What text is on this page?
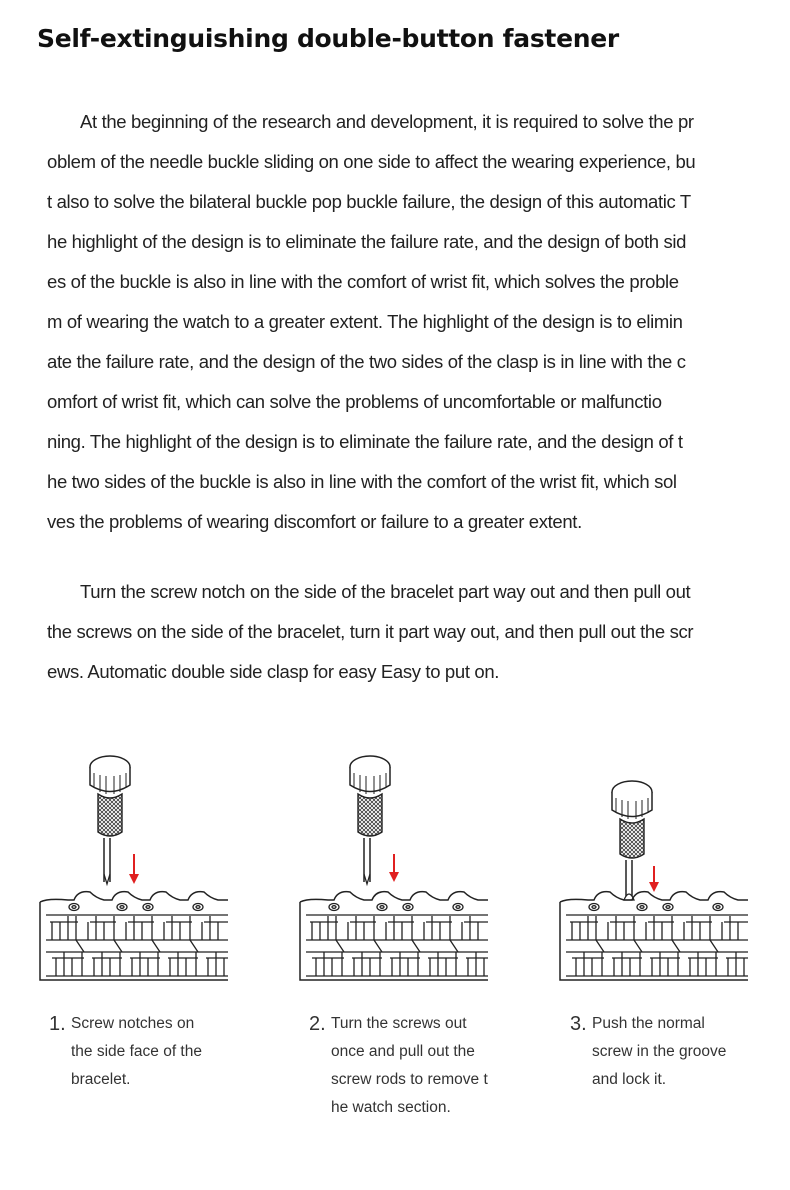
Self-extinguishing double-button fastener
At the beginning of the research and development, it is required to solve the pr
oblem of the needle buckle sliding on one side to affect the wearing experience, bu
t also to solve the bilateral buckle pop buckle failure, the design of this automatic T
he highlight of the design is to eliminate the failure rate, and the design of both sid
es of the buckle is also in line with the comfort of wrist fit, which solves the proble
m of wearing the watch to a greater extent. The highlight of the design is to elimin
ate the failure rate, and the design of the two sides of the clasp is in line with the c
omfort of wrist fit, which can solve the problems of uncomfortable or malfunctio
ning. The highlight of the design is to eliminate the failure rate, and the design of t
he two sides of the buckle is also in line with the comfort of the wrist fit, which sol
ves the problems of wearing discomfort or failure to a greater extent.
Turn the screw notch on the side of the bracelet part way out and then pull out
the screws on the side of the bracelet, turn it part way out, and then pull out the scr
ews. Automatic double side clasp for easy Easy to put on.
1. Screw notches on
the side face of the
bracelet.
2. Turn the screws out
once and pull out the
screw rods to remove t
he watch section.
3. Push the normal
screw in the groove
and lock it.
